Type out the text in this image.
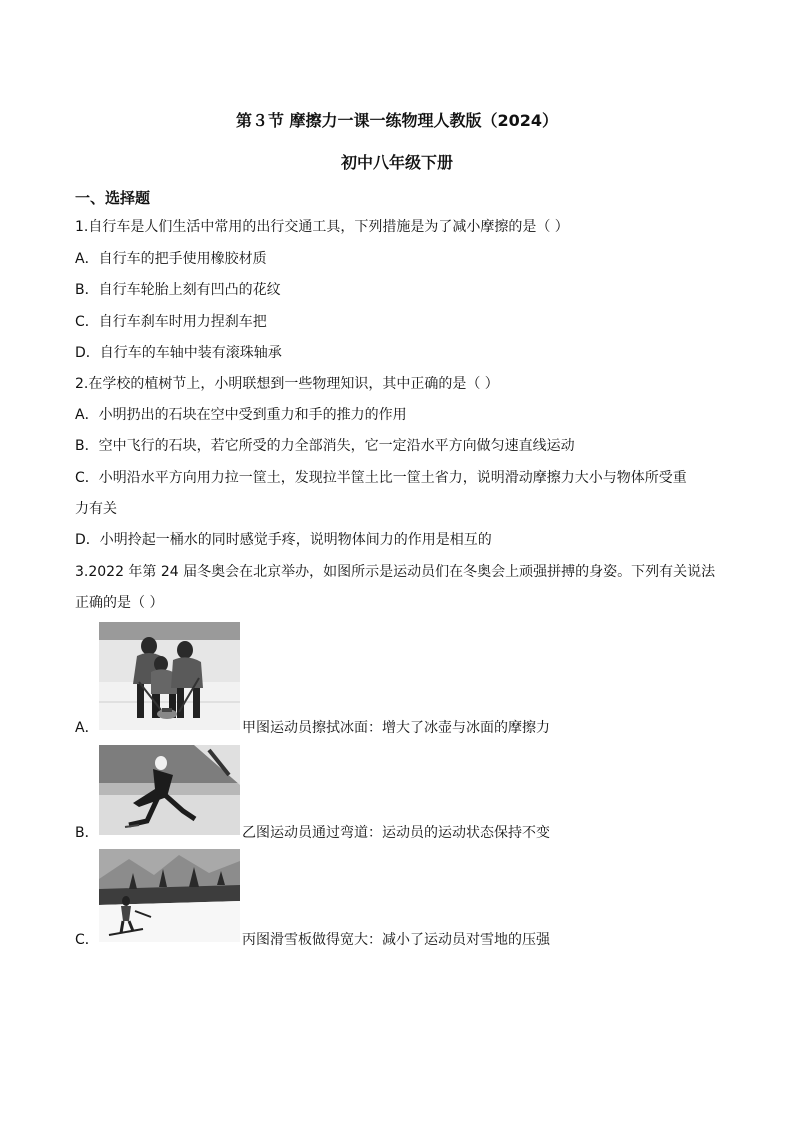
第３节 摩擦力一课一练物理人教版（2024）
初中八年级下册
一、选择题
1.自行车是人们生活中常用的出行交通工具，下列措施是为了减小摩擦的是（ ）
A．自行车的把手使用橡胶材质
B．自行车轮胎上刻有凹凸的花纹
C．自行车刹车时用力捏刹车把
D．自行车的车轴中装有滚珠轴承
2.在学校的植树节上，小明联想到一些物理知识，其中正确的是（ ）
A．小明扔出的石块在空中受到重力和手的推力的作用
B．空中飞行的石块，若它所受的力全部消失，它一定沿水平方向做匀速直线运动
C．小明沿水平方向用力拉一筐土，发现拉半筐土比一筐土省力，说明滑动摩擦力大小与物体所受重
力有关
D．小明拎起一桶水的同时感觉手疼，说明物体间力的作用是相互的
3.2022 年第 24 届冬奥会在北京举办，如图所示是运动员们在冬奥会上顽强拼搏的身姿。下列有关说法
正确的是（ ）
A．	甲图运动员擦拭冰面：增大了冰壶与冰面的摩擦力
B．	乙图运动员通过弯道：运动员的运动状态保持不变
C．	丙图滑雪板做得宽大：减小了运动员对雪地的压强
